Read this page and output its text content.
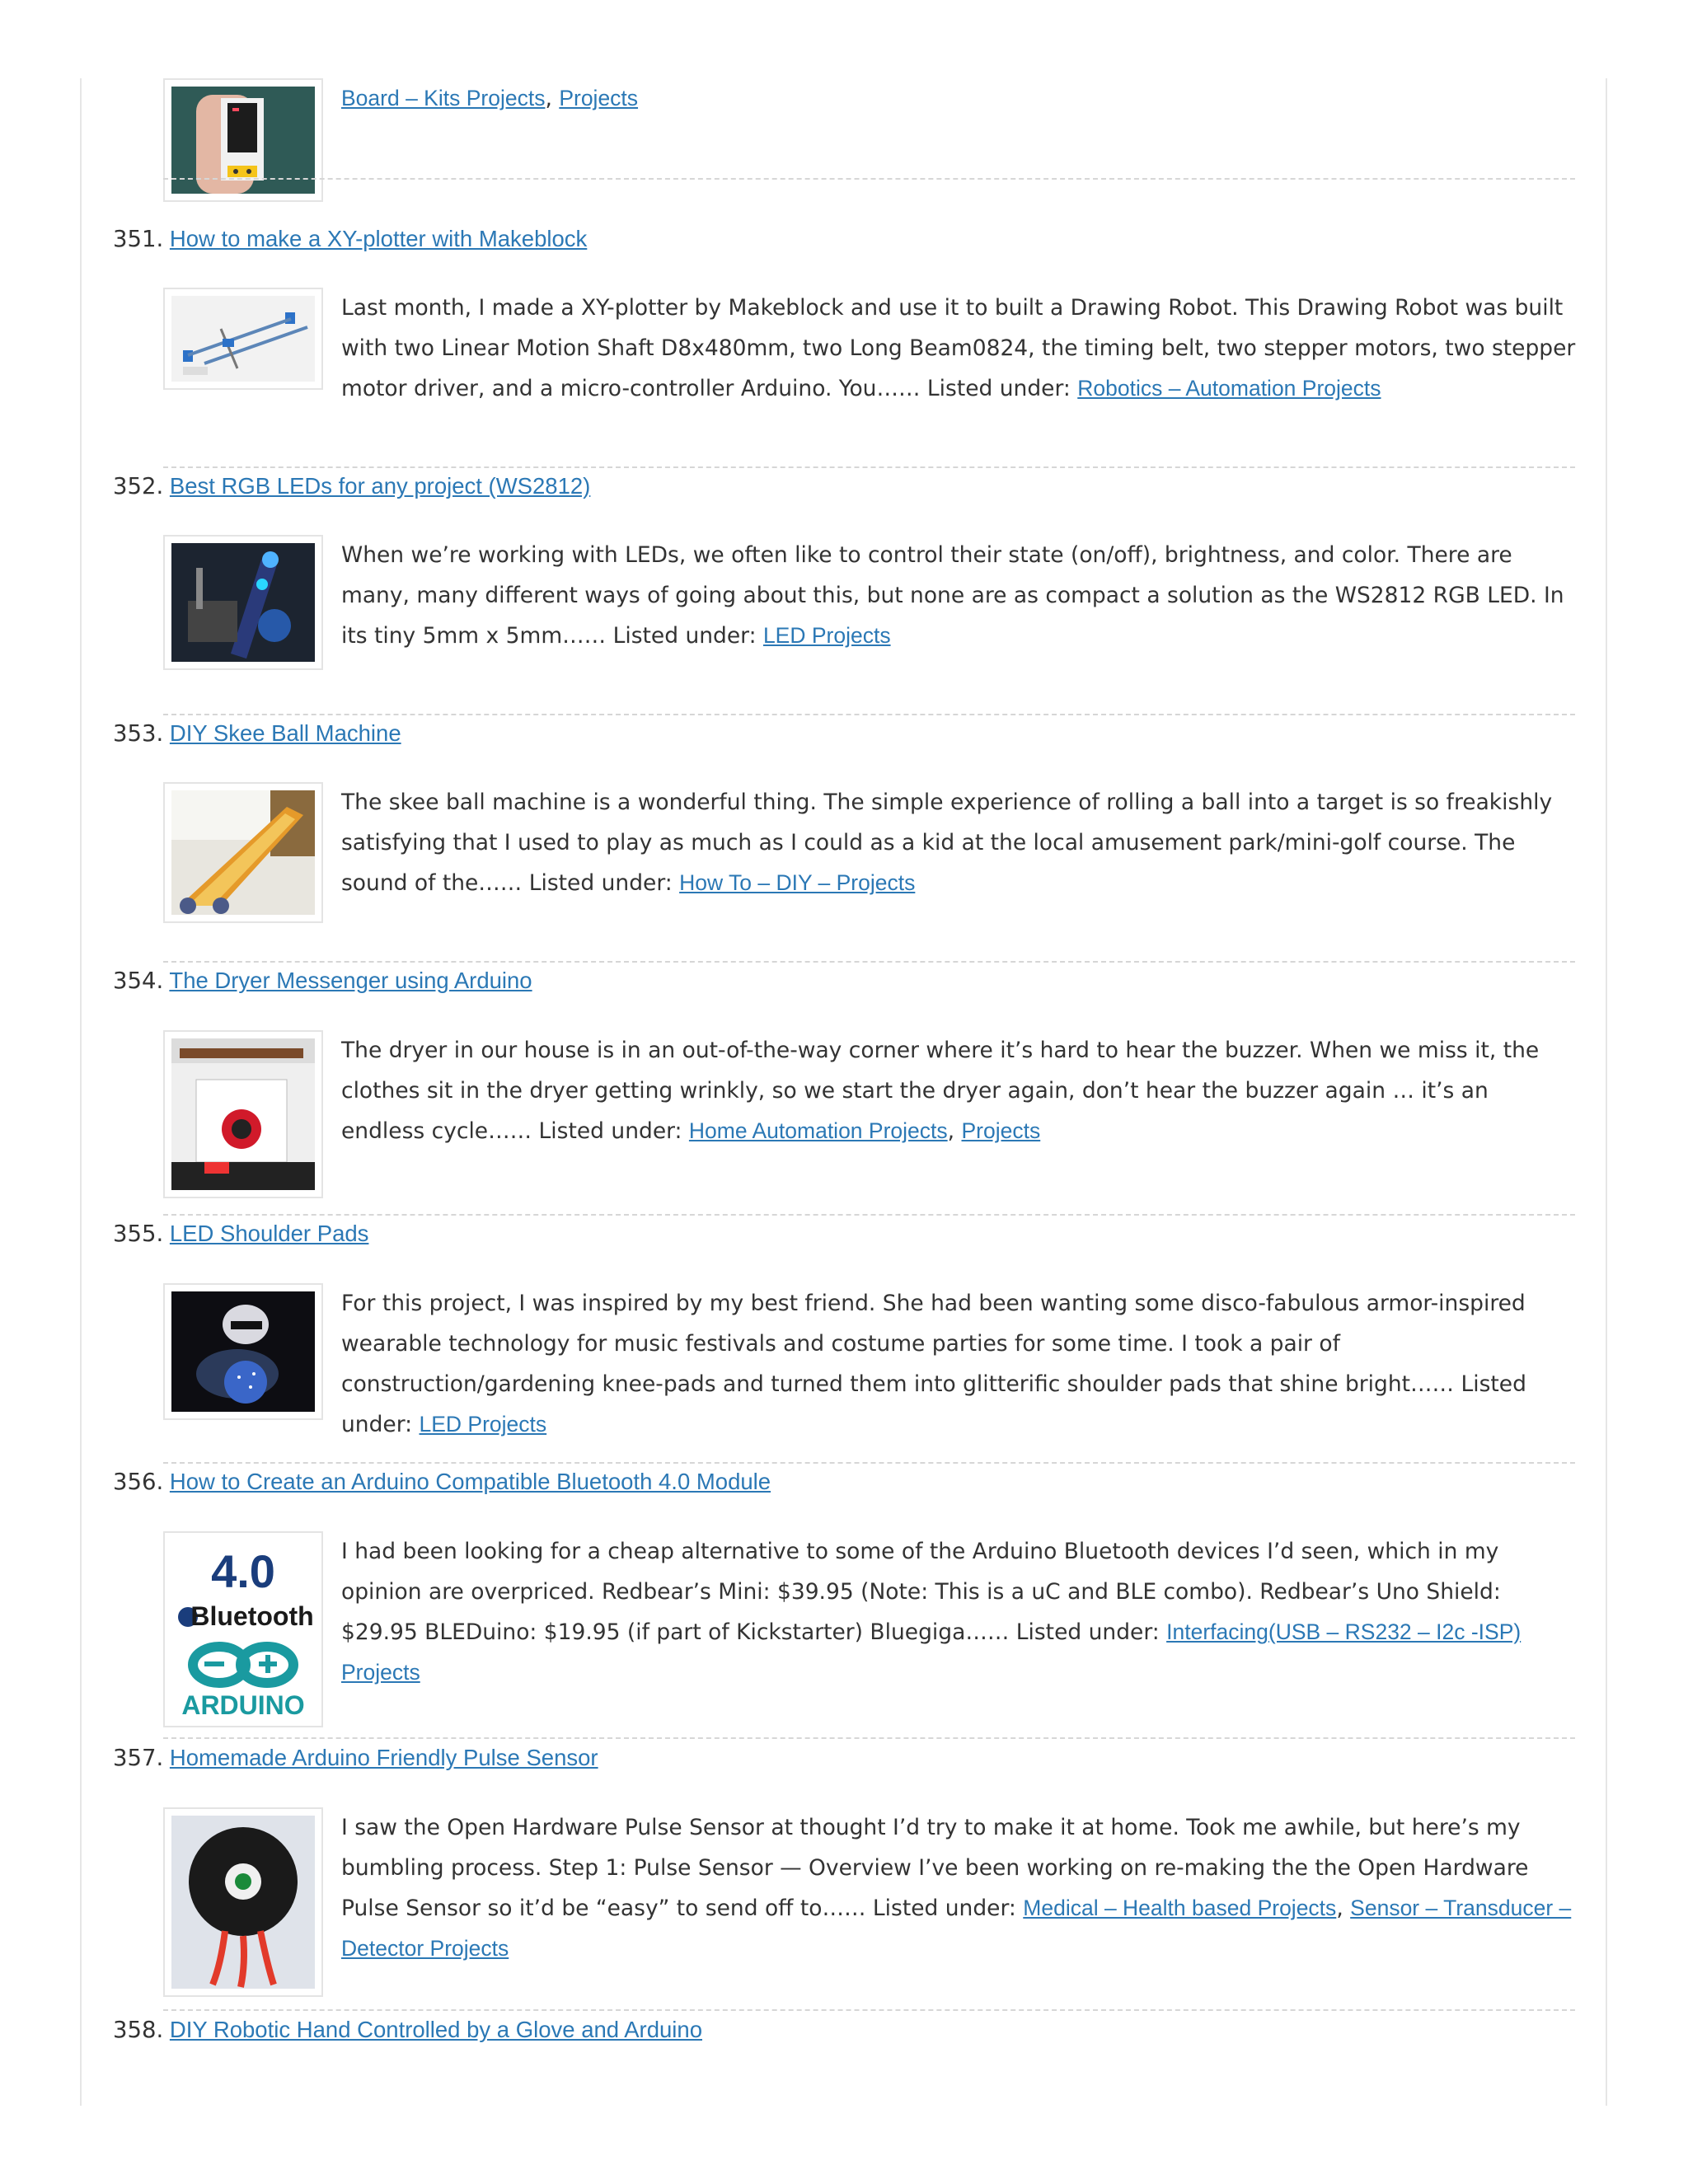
Board – Kits Projects, Projects

351. How to make a XY-plotter with Makeblock

Last month, I made a XY-plotter by Makeblock and use it to built a Drawing Robot. This Drawing Robot was built with two Linear Motion Shaft D8x480mm, two Long Beam0824, the timing belt, two stepper motors, two stepper motor driver, and a micro-controller Arduino. You…… Listed under: Robotics – Automation Projects

352. Best RGB LEDs for any project (WS2812)

When we’re working with LEDs, we often like to control their state (on/off), brightness, and color. There are many, many different ways of going about this, but none are as compact a solution as the WS2812 RGB LED. In its tiny 5mm x 5mm…… Listed under: LED Projects

353. DIY Skee Ball Machine

The skee ball machine is a wonderful thing. The simple experience of rolling a ball into a target is so freakishly satisfying that I used to play as much as I could as a kid at the local amusement park/mini-golf course. The sound of the…… Listed under: How To – DIY – Projects

354. The Dryer Messenger using Arduino

The dryer in our house is in an out-of-the-way corner where it’s hard to hear the buzzer. When we miss it, the clothes sit in the dryer getting wrinkly, so we start the dryer again, don’t hear the buzzer again … it’s an endless cycle…… Listed under: Home Automation Projects, Projects

355. LED Shoulder Pads

For this project, I was inspired by my best friend. She had been wanting some disco-fabulous armor-inspired wearable technology for music festivals and costume parties for some time. I took a pair of construction/gardening knee-pads and turned them into glitterific shoulder pads that shine bright…… Listed under: LED Projects

356. How to Create an Arduino Compatible Bluetooth 4.0 Module
4.0
Bluetooth
ARDUINO

I had been looking for a cheap alternative to some of the Arduino Bluetooth devices I’d seen, which in my opinion are overpriced. Redbear’s Mini: $39.95 (Note: This is a uC and BLE combo). Redbear’s Uno Shield: $29.95 BLEDuino: $19.95 (if part of Kickstarter) Bluegiga…… Listed under: Interfacing(USB – RS232 – I2c -ISP) Projects

357. Homemade Arduino Friendly Pulse Sensor

I saw the Open Hardware Pulse Sensor at thought I’d try to make it at home. Took me awhile, but here’s my bumbling process. Step 1: Pulse Sensor — Overview I’ve been working on re-making the the Open Hardware Pulse Sensor so it’d be “easy” to send off to…… Listed under: Medical – Health based Projects, Sensor – Transducer – Detector Projects

358. DIY Robotic Hand Controlled by a Glove and Arduino
